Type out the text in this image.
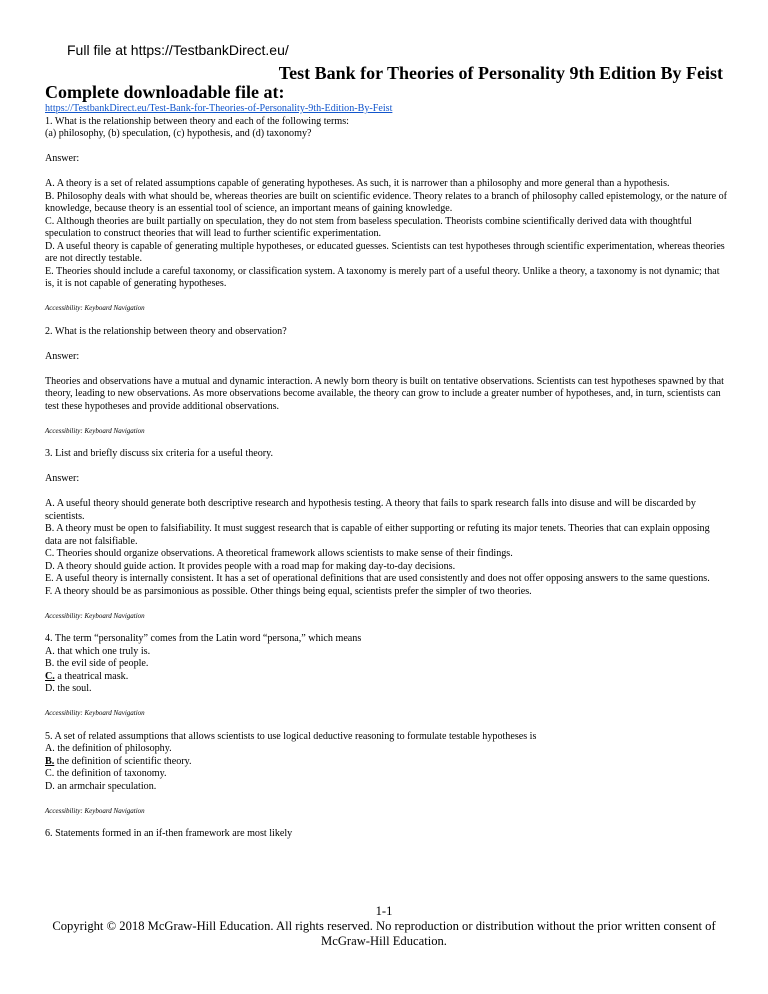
Full file at https://TestbankDirect.eu/
Test Bank for Theories of Personality 9th Edition By Feist
Complete downloadable file at:
https://TestbankDirect.eu/Test-Bank-for-Theories-of-Personality-9th-Edition-By-Feist

1. What is the relationship between theory and each of the following terms:

(a) philosophy, (b) speculation, (c) hypothesis, and (d) taxonomy?

Answer:

A. A theory is a set of related assumptions capable of generating hypotheses. As such, it is narrower than a philosophy and more general than a hypothesis.

B. Philosophy deals with what should be, whereas theories are built on scientific evidence. Theory relates to a branch of philosophy called epistemology, or the nature of knowledge, because theory is an essential tool of science, an important means of gaining knowledge.

C. Although theories are built partially on speculation, they do not stem from baseless speculation. Theorists combine scientifically derived data with thoughtful speculation to construct theories that will lead to further scientific experimentation.

D. A useful theory is capable of generating multiple hypotheses, or educated guesses. Scientists can test hypotheses through scientific experimentation, whereas theories are not directly testable.

E. Theories should include a careful taxonomy, or classification system. A taxonomy is merely part of a useful theory. Unlike a theory, a taxonomy is not dynamic; that is, it is not capable of generating hypotheses.

Accessibility: Keyboard Navigation

2. What is the relationship between theory and observation?

Answer:

Theories and observations have a mutual and dynamic interaction. A newly born theory is built on tentative observations. Scientists can test hypotheses spawned by that theory, leading to new observations. As more observations become available, the theory can grow to include a greater number of hypotheses, and, in turn, scientists can test these hypotheses and provide additional observations.

Accessibility: Keyboard Navigation

3. List and briefly discuss six criteria for a useful theory.

Answer:

A. A useful theory should generate both descriptive research and hypothesis testing. A theory that fails to spark research falls into disuse and will be discarded by scientists.

B. A theory must be open to falsifiability. It must suggest research that is capable of either supporting or refuting its major tenets. Theories that can explain opposing data are not falsifiable.

C. Theories should organize observations. A theoretical framework allows scientists to make sense of their findings.

D. A theory should guide action. It provides people with a road map for making day-to-day decisions.

E. A useful theory is internally consistent. It has a set of operational definitions that are used consistently and does not offer opposing answers to the same questions.

F. A theory should be as parsimonious as possible. Other things being equal, scientists prefer the simpler of two theories.

Accessibility: Keyboard Navigation

4. The term “personality” comes from the Latin word “persona,” which means

A. that which one truly is.

B. the evil side of people.

C. a theatrical mask.

D. the soul.

Accessibility: Keyboard Navigation

5. A set of related assumptions that allows scientists to use logical deductive reasoning to formulate testable hypotheses is

A. the definition of philosophy.

B. the definition of scientific theory.

C. the definition of taxonomy.

D. an armchair speculation.

Accessibility: Keyboard Navigation

6. Statements formed in an if-then framework are most likely

1-1
Copyright © 2018 McGraw-Hill Education. All rights reserved. No reproduction or distribution without the prior written consent of McGraw-Hill Education.
